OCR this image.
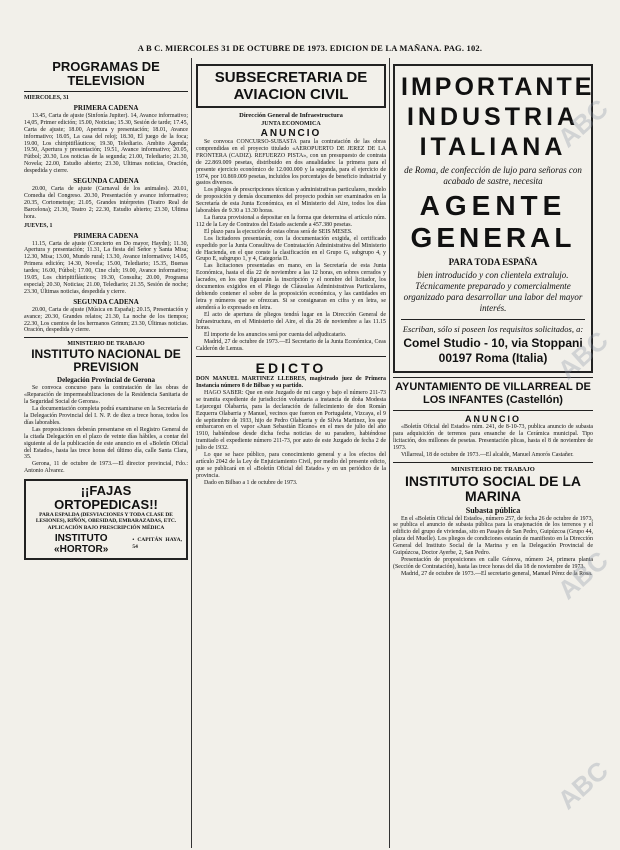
A B C. MIERCOLES 31 DE OCTUBRE DE 1973. EDICION DE LA MAÑANA. PAG. 102.
PROGRAMAS DE TELEVISION

MIERCOLES, 31

PRIMERA CADENA

13.45, Carta de ajuste (Sinfonía Jupiter). 14, Avance informativo; 14,05, Primer edición; 15.00, Noticias; 15.30, Sesión de tarde; 17.45, Carta de ajuste; 18.00, Apertura y presentación; 18.01, Avance informativo; 18.05, La casa del reloj; 18.30, El juego de la foca; 19.00, Los chiripitifláuticos; 19.30, Telediario. Ambito Agenda; 19.50, Apertura y presentación; 19.51, Avance informativo; 20.05, Fútbol; 20.30, Los noticias de la segunda; 21.00, Telediario; 21.30, Novela; 22.00, Estudio abierto; 23.30, Ultimas noticias, Oración, despedida y cierre.

SEGUNDA CADENA

20.00, Carta de ajuste (Carnaval de los animales). 20.01, Comedia del Congreso. 20.30, Presentación y avance informativo; 20.35, Cortometraje; 21.05, Grandes intérpretes (Teatro Real de Barcelona); 21.30, Teatro 2; 22.30, Estudio abierto; 23.30, Ultima hora.

JUEVES, 1

PRIMERA CADENA

11.15, Carta de ajuste (Concierto en Do mayor, Haydn); 11.30, Apertura y presentación; 11.31, La fiesta del Señor y Santa Misa; 12.30, Misa; 13.00, Mundo rural; 13.30, Avance informativo; 14.05, Primera edición; 14.30, Novela; 15.00, Telediario; 15.35, Buenas tardes; 16.00, Fútbol; 17.00, Cine club; 19.00, Avance informativo; 19.05, Los chiripitifláuticos; 19.30, Consulta; 20.00, Programa especial; 20.30, Noticias; 21.00, Telediario; 21.35, Sesión de noche; 23.30, Últimas noticias, despedida y cierre.

SEGUNDA CADENA

20.00, Carta de ajuste (Música en España); 20.15, Presentación y avance; 20.30, Grandes relatos; 21.30, La noche de los tiempos; 22.30, Los cuentos de los hermanos Grimm; 23.30, Últimas noticias. Oración, despedida y cierre.

MINISTERIO DE TRABAJO
INSTITUTO NACIONAL DE PREVISION
Delegación Provincial de Gerona

Se convoca concurso para la contratación de las obras de «Reparación de impermeabilizaciones de la Residencia Sanitaria de la Seguridad Social de Gerona».

La documentación completa podrá examinarse en la Secretaría de la Delegación Provincial del I. N. P. de diez a trece horas, todos los días laborables.

Las proposiciones deberán presentarse en el Registro General de la citada Delegación en el plazo de veinte días hábiles, a contar del siguiente al de la publicación de este anuncio en el «Boletín Oficial del Estado», hasta las trece horas del último día, calle Santa Clara, 35.

Gerona, 11 de octubre de 1973.—El director provincial, Fdo.: Antonio Alvarez.

¡¡FAJAS ORTOPEDICAS!!

PARA ESPALDA (DESVIACIONES Y TODA CLASE DE LESIONES), RIÑÓN, OBESIDAD, EMBARAZADAS, ETC. APLICACIÓN BAJO PRESCRIPCIÓN MÉDICA

INSTITUTO «HORTOR»
• CAPITÁN HAYA, 54
SUBSECRETARIA DE AVIACION CIVIL
Dirección General de Infraestructura
JUNTA ECONOMICA
ANUNCIO

Se convoca CONCURSO-SUBASTA para la contratación de las obras comprendidas en el proyecto titulado «AEROPUERTO DE JEREZ DE LA FRONTERA (CADIZ). REFUERZO PISTA», con un presupuesto de contrata de 22.869.009 pesetas, distribuido en dos anualidades: la primera para el presente ejercicio económico de 12.000.000 y la segunda, para el ejercicio de 1974, por 10.869.009 pesetas, incluidos los porcentajes de beneficio industrial y gastos diversos.

Los pliegos de prescripciones técnicas y administrativas particulares, modelo de proposición y demás documentos del proyecto podrán ser examinados en la Secretaría de esta Junta Económica, en el Ministerio del Aire, todos los días laborables de 9.30 a 13.30 horas.

La fianza provisional a depositar en la forma que determina el artículo núm. 112 de la Ley de Contratos del Estado asciende a 457.380 pesetas.

El plazo para la ejecución de estas obras será de SEIS MESES.

Los licitadores presentarán, con la documentación exigida, el certificado expedido por la Junta Consultiva de Contratación Administrativa del Ministerio de Hacienda, en el que conste la clasificación en el Grupo G, subgrupo 4, y Grupo E, subgrupo 1, y 4, Categoría D.

Las licitaciones presentadas en mano, en la Secretaría de esta Junta Económica, hasta el día 22 de noviembre a las 12 horas, en sobres cerrados y lacrados, en los que figurarán la inscripción y el nombre del licitador, los documentos exigidos en el Pliego de Cláusulas Administrativas Particulares, debiendo contener el sobre de la proposición económica, y las cantidades en letra y números que se ofrezcan. Si se consignaran en cifra y en letra, se atenderá a lo expresado en letra.

El acto de apertura de pliegos tendrá lugar en la Dirección General de Infraestructura, en el Ministerio del Aire, el día 26 de noviembre a las 11.15 horas.

El importe de los anuncios será por cuenta del adjudicatario.

Madrid, 27 de octubre de 1973.—El Secretario de la Junta Económica, Ceas Calderón de Lemus.

EDICTO

DON MANUEL MARTINEZ LLEBRES, magistrado juez de Primera Instancia número 8 de Bilbao y su partido.

HAGO SABER: Que en este Juzgado de mi cargo y bajo el número 211-73 se tramita expediente de jurisdicción voluntaria a instancia de doña Modesta Lejarcegui Olabarria, para la declaración de fallecimiento de don Román Ezquerra Olabarria y Manuel, vecinos que fueron en Portugalete, Vizcaya, el 9 de septiembre de 1933, hijo de Pedro Olabarria y de Silvia Martinez, los que embarcaron en el vapor «Juan Sebastián Elcano» en el mes de julio del año 1910, habiéndose desde dicha fecha noticias de su paradero, habiéndose tramitado el expediente número 211-73, por auto de este Juzgado de fecha 2 de julio de 1932.

Lo que se hace público, para conocimiento general y a los efectos del artículo 2042 de la Ley de Enjuiciamiento Civil, por medio del presente edicto, que se publicará en el «Boletín Oficial del Estado» y en un periódico de la provincia.

Dado en Bilbao a 1 de octubre de 1973.

IMPORTANTE
INDUSTRIA
ITALIANA

de Roma, de confección de lujo para señoras con acabado de sastre, necesita

AGENTE
GENERAL
PARA TODA ESPAÑA

bien introducido y con clientela extralujo. Técnicamente preparado y comercialmente organizado para desarrollar una labor del mayor interés.

Escriban, sólo si poseen los requisitos solicitados, a:

Comel Studio - 10, via Stoppani
00197 Roma (Italia)
AYUNTAMIENTO DE VILLARREAL DE LOS INFANTES (Castellón)
ANUNCIO

«Boletín Oficial del Estado» núm. 241, de 8-10-73, publica anuncio de subasta para adquisición de terrenos para ensanche de la Cerámica municipal. Tipo licitación, dos millones de pesetas. Presentación plicas, hasta el 8 de noviembre de 1973.

Villarreal, 18 de octubre de 1973.—El alcalde, Manuel Amorós Castañer.

MINISTERIO DE TRABAJO
INSTITUTO SOCIAL DE LA MARINA
Subasta pública

En el «Boletín Oficial del Estado», número 257, de fecha 26 de octubre de 1973, se publica el anuncio de subasta pública para la enajenación de los terrenos y el edificio del grupo de viviendas, sito en Pasajes de San Pedro, Guipúzcoa (Grupo 44, plaza del Muelle). Los pliegos de condiciones estarán de manifiesto en la Dirección General del Instituto Social de la Marina y en la Delegación Provincial de Guipúzcoa, Doctor Ayerbe, 2, San Pedro.

Presentación de proposiciones en calle Génova, número 24, primera planta (Sección de Contratación), hasta las trece horas del día 18 de noviembre de 1973.

Madrid, 27 de octubre de 1973.—El secretario general, Manuel Pérez de la Rosa.

ABC
ABC
ABC
ABC
